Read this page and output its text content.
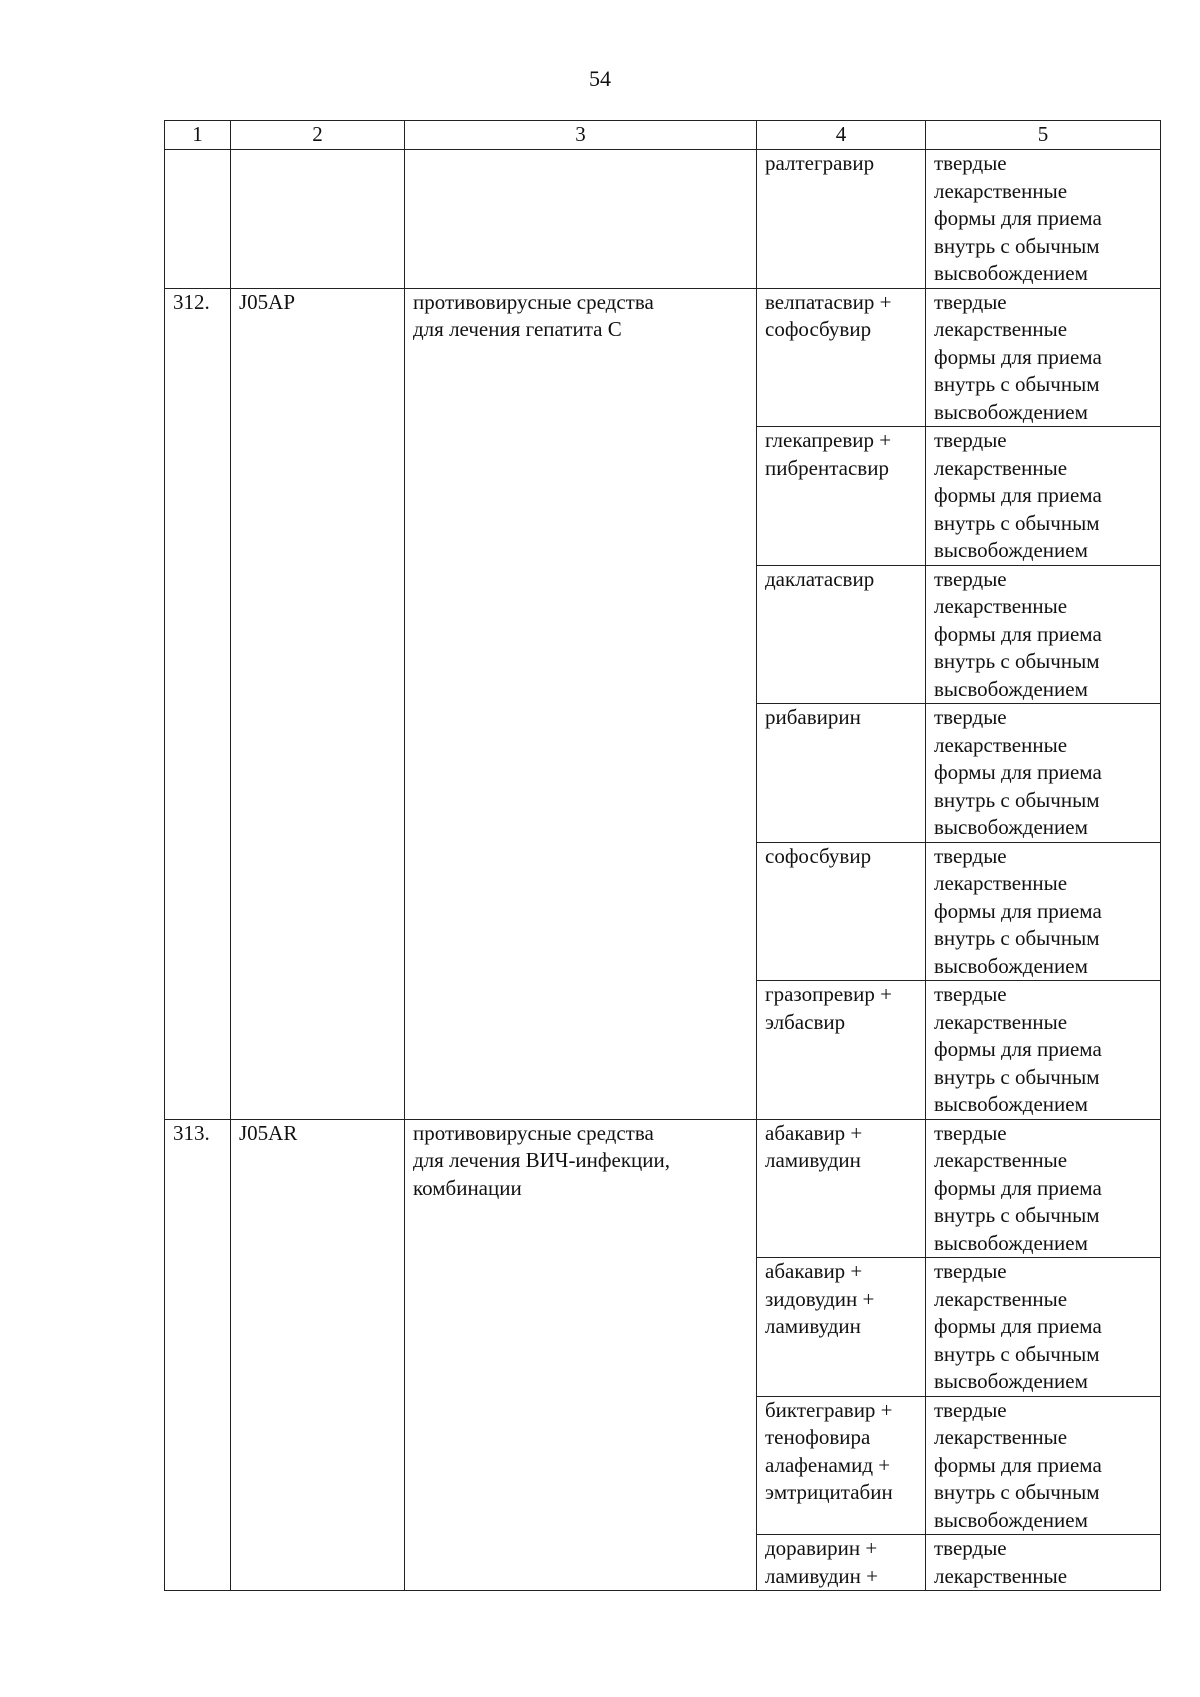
54
1	2	3	4	5
			ралтегравир	твердые
лекарственные
формы для приема
внутрь с обычным
высвобождением
312.	J05AP	противовирусные средства
для лечения гепатита С	велпатасвир +
софосбувир	твердые
лекарственные
формы для приема
внутрь с обычным
высвобождением
			глекапревир +
пибрентасвир	твердые
лекарственные
формы для приема
внутрь с обычным
высвобождением
			даклатасвир	твердые
лекарственные
формы для приема
внутрь с обычным
высвобождением
			рибавирин	твердые
лекарственные
формы для приема
внутрь с обычным
высвобождением
			софосбувир	твердые
лекарственные
формы для приема
внутрь с обычным
высвобождением
			гразопревир +
элбасвир	твердые
лекарственные
формы для приема
внутрь с обычным
высвобождением
313.	J05AR	противовирусные средства
для лечения ВИЧ-инфекции,
комбинации	абакавир +
ламивудин	твердые
лекарственные
формы для приема
внутрь с обычным
высвобождением
			абакавир +
зидовудин +
ламивудин	твердые
лекарственные
формы для приема
внутрь с обычным
высвобождением
			биктегравир +
тенофовира
алафенамид +
эмтрицитабин	твердые
лекарственные
формы для приема
внутрь с обычным
высвобождением
			доравирин +
ламивудин +	твердые
лекарственные
